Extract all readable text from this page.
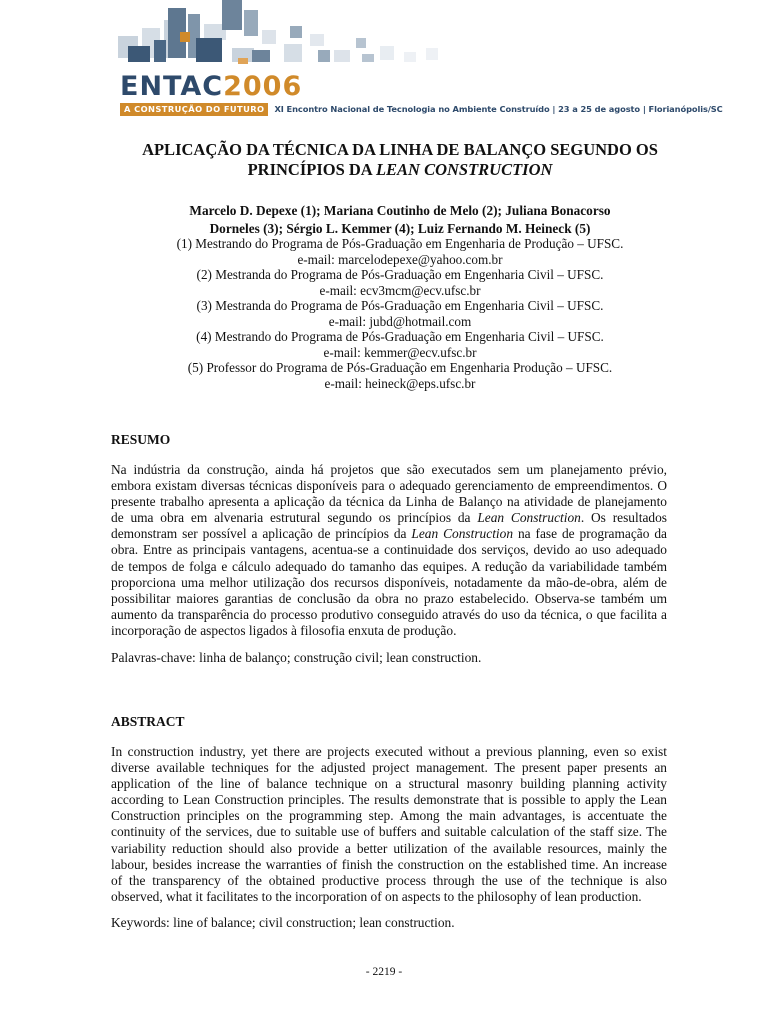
ENTAC2006
A CONSTRUÇÃO DO FUTURO	XI Encontro Nacional de Tecnologia no Ambiente Construído | 23 a 25 de agosto | Florianópolis/SC
APLICAÇÃO DA TÉCNICA DA LINHA DE BALANÇO SEGUNDO OS
PRINCÍPIOS DA LEAN CONSTRUCTION
Marcelo D. Depexe (1); Mariana Coutinho de Melo (2); Juliana Bonacorso
Dorneles (3); Sérgio L. Kemmer (4); Luiz Fernando M. Heineck (5)
(1) Mestrando do Programa de Pós-Graduação em Engenharia de Produção – UFSC.
e-mail: marcelodepexe@yahoo.com.br
(2) Mestranda do Programa de Pós-Graduação em Engenharia Civil – UFSC.
e-mail: ecv3mcm@ecv.ufsc.br
(3) Mestranda do Programa de Pós-Graduação em Engenharia Civil – UFSC.
e-mail: jubd@hotmail.com
(4) Mestrando do Programa de Pós-Graduação em Engenharia Civil – UFSC.
e-mail: kemmer@ecv.ufsc.br
(5) Professor do Programa de Pós-Graduação em Engenharia Produção – UFSC.
e-mail: heineck@eps.ufsc.br
RESUMO
Na indústria da construção, ainda há projetos que são executados sem um planejamento prévio,
embora existam diversas técnicas disponíveis para o adequado gerenciamento de empreendimentos. O
presente trabalho apresenta a aplicação da técnica da Linha de Balanço na atividade de planejamento
de uma obra em alvenaria estrutural segundo os princípios da Lean Construction. Os resultados
demonstram ser possível a aplicação de princípios da Lean Construction na fase de programação da
obra. Entre as principais vantagens, acentua-se a continuidade dos serviços, devido ao uso adequado
de tempos de folga e cálculo adequado do tamanho das equipes. A redução da variabilidade também
proporciona uma melhor utilização dos recursos disponíveis, notadamente da mão-de-obra, além de
possibilitar maiores garantias de conclusão da obra no prazo estabelecido. Observa-se também um
aumento da transparência do processo produtivo conseguido através do uso da técnica, o que facilita a
incorporação de aspectos ligados à filosofia enxuta de produção.
Palavras-chave: linha de balanço; construção civil; lean construction.
ABSTRACT
In construction industry, yet there are projects executed without a previous planning, even so exist
diverse available techniques for the adjusted project management. The present paper presents an
application of the line of balance technique on a structural masonry building planning activity
according to Lean Construction principles. The results demonstrate that is possible to apply the Lean
Construction principles on the programming step. Among the main advantages, is accentuate the
continuity of the services, due to suitable use of buffers and suitable calculation of the staff size. The
variability reduction should also provide a better utilization of the available resources, mainly the
labour, besides increase the warranties of finish the construction on the established time. An increase
of the transparency of the obtained productive process through the use of the technique is also
observed, what it facilitates to the incorporation of on aspects to the philosophy of lean production.
Keywords: line of balance; civil construction; lean construction.
- 2219 -
